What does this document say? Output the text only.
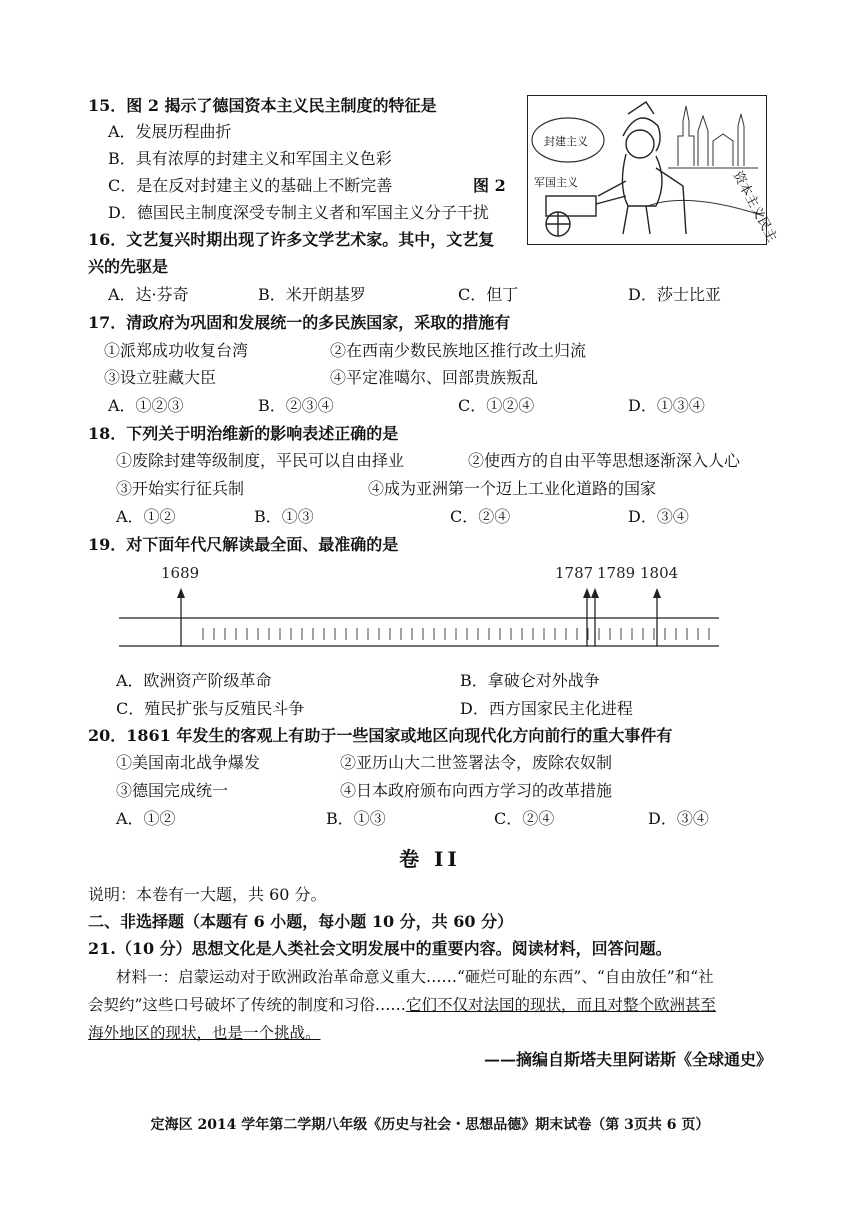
15．图 2 揭示了德国资本主义民主制度的特征是
A．发展历程曲折
B．具有浓厚的封建主义和军国主义色彩
C．是在反对封建主义的基础上不断完善	图 2
D．德国民主制度深受专制主义者和军国主义分子干扰
封建主义
军国主义	资本主义民主
16．文艺复兴时期出现了许多文学艺术家。其中，文艺复
兴的先驱是
A．达·芬奇	B．米开朗基罗	C．但丁	D．莎士比亚
17．清政府为巩固和发展统一的多民族国家，采取的措施有
①派郑成功收复台湾	②在西南少数民族地区推行改土归流
③设立驻藏大臣	④平定准噶尔、回部贵族叛乱
A．①②③	B．②③④	C．①②④	D．①③④
18．下列关于明治维新的影响表述正确的是
①废除封建等级制度，平民可以自由择业	②使西方的自由平等思想逐渐深入人心
③开始实行征兵制	④成为亚洲第一个迈上工业化道路的国家
A．①②	B．①③	C．②④	D．③④
19．对下面年代尺解读最全面、最准确的是
1689	1787 1789 1804
A．欧洲资产阶级革命	B．拿破仑对外战争
C．殖民扩张与反殖民斗争	D．西方国家民主化进程
20．1861 年发生的客观上有助于一些国家或地区向现代化方向前行的重大事件有
①美国南北战争爆发	②亚历山大二世签署法令，废除农奴制
③德国完成统一	④日本政府颁布向西方学习的改革措施
A．①②	B．①③	C．②④	D．③④
卷 II
说明：本卷有一大题，共 60 分。
二、非选择题（本题有 6 小题，每小题 10 分，共 60 分）
21.（10 分）思想文化是人类社会文明发展中的重要内容。阅读材料，回答问题。
材料一：启蒙运动对于欧洲政治革命意义重大……“砸烂可耻的东西”、“自由放任”和“社
会契约”这些口号破坏了传统的制度和习俗……它们不仅对法国的现状，而且对整个欧洲甚至
海外地区的现状，也是一个挑战。
——摘编自斯塔夫里阿诺斯《全球通史》
定海区 2014 学年第二学期八年级《历史与社会・思想品德》期末试卷（第 3页共 6 页）
